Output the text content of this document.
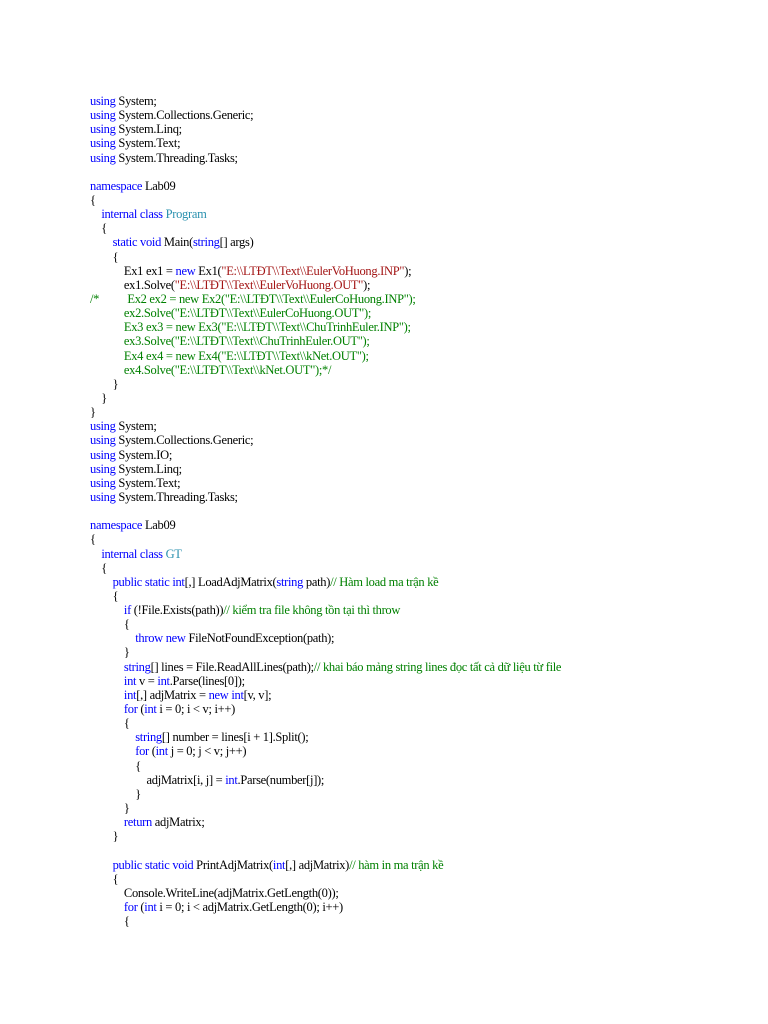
using System;
using System.Collections.Generic;
using System.Linq;
using System.Text;
using System.Threading.Tasks;
namespace Lab09
{
internal class Program
{
static void Main(string[] args)
{
Ex1 ex1 = new Ex1("E:\\LTĐT\\Text\\EulerVoHuong.INP");
ex1.Solve("E:\\LTĐT\\Text\\EulerVoHuong.OUT");
/*          Ex2 ex2 = new Ex2("E:\\LTĐT\\Text\\EulerCoHuong.INP");
ex2.Solve("E:\\LTĐT\\Text\\EulerCoHuong.OUT");
Ex3 ex3 = new Ex3("E:\\LTĐT\\Text\\ChuTrinhEuler.INP");
ex3.Solve("E:\\LTĐT\\Text\\ChuTrinhEuler.OUT");
Ex4 ex4 = new Ex4("E:\\LTĐT\\Text\\kNet.OUT");
ex4.Solve("E:\\LTĐT\\Text\\kNet.OUT");*/
}
}
}
using System;
using System.Collections.Generic;
using System.IO;
using System.Linq;
using System.Text;
using System.Threading.Tasks;
namespace Lab09
{
internal class GT
{
public static int[,] LoadAdjMatrix(string path)// Hàm load ma trận kề
{
if (!File.Exists(path))// kiểm tra file không tồn tại thì throw
{
throw new FileNotFoundException(path);
}
string[] lines = File.ReadAllLines(path);// khai báo mảng string lines đọc tất cả dữ liệu từ file
int v = int.Parse(lines[0]);
int[,] adjMatrix = new int[v, v];
for (int i = 0; i < v; i++)
{
string[] number = lines[i + 1].Split();
for (int j = 0; j < v; j++)
{
adjMatrix[i, j] = int.Parse(number[j]);
}
}
return adjMatrix;
}
public static void PrintAdjMatrix(int[,] adjMatrix)// hàm in ma trận kề
{
Console.WriteLine(adjMatrix.GetLength(0));
for (int i = 0; i < adjMatrix.GetLength(0); i++)
{
